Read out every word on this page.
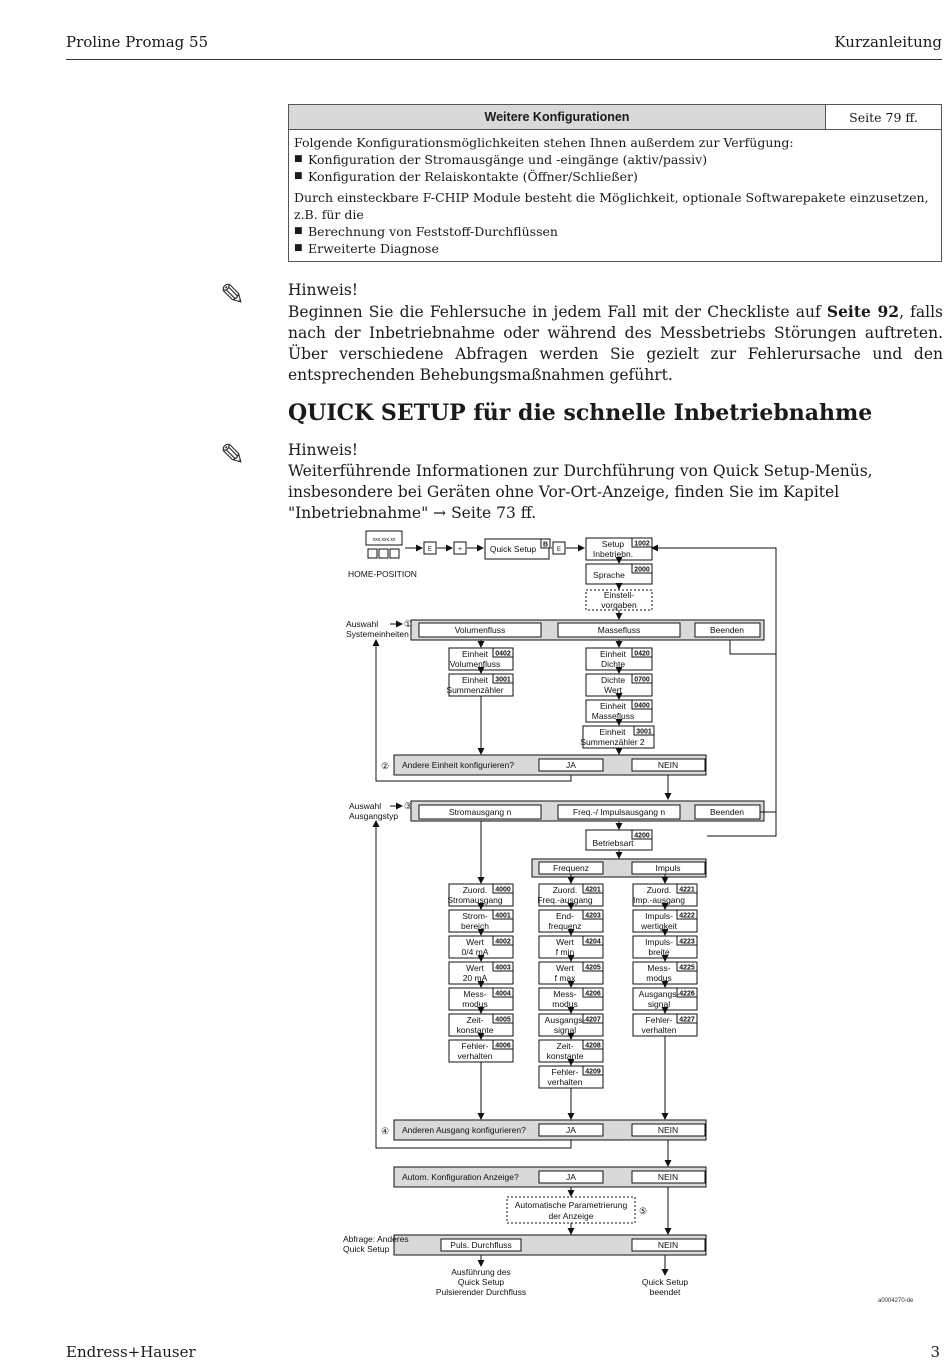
Proline Promag 55	Kurzanleitung
Weitere Konfigurationen	Seite 79 ff.

Folgende Konfigurationsmöglichkeiten stehen Ihnen außerdem zur Verfügung:
■ Konfiguration der Stromausgänge und -eingänge (aktiv/passiv)
■ Konfiguration der Relaiskontakte (Öffner/Schließer)
Durch einsteckbare F-CHIP Module besteht die Möglichkeit, optionale Softwarepakete einzusetzen, z.B. für die
■ Berechnung von Feststoff-Durchflüssen
■ Erweiterte Diagnose
✎	Hinweis!
Beginnen Sie die Fehlersuche in jedem Fall mit der Checkliste auf Seite 92, falls nach der Inbetriebnahme oder während des Messbetriebs Störungen auftreten. Über verschiedene Abfragen werden Sie gezielt zur Fehlerursache und den entsprechenden Behebungsmaßnahmen geführt.
QUICK SETUP für die schnelle Inbetriebnahme
✎	Hinweis!
Weiterführende Informationen zur Durchführung von Quick Setup-Menüs, insbesondere bei Geräten ohne Vor-Ort-Anzeige, finden Sie im Kapitel "Inbetriebnahme" → Seite 73 ff.
xxx.xxx.xx
HOME-POSITION
E	+	Quick Setup B
E
Setup
Inbetriebn.
1002
Sprache 2000
Einstell-
vorgaben
Auswahl
Systemeinheiten
①
Volumenfluss	Massefluss	Beenden
Einheit
Volumenfluss
0402
Einheit
Summenzähler
3001
Einheit
Dichte
0420
Dichte
Wert
0700
Einheit
Massefluss
0400
Einheit
Summenzähler 2
3001
② Andere Einheit konfigurieren?	JA	NEIN
Auswahl
Ausgangstyp
③
Stromausgang n	Freq.-/ Impulsausgang n	Beenden
Betriebsart
4200
Frequenz	Impuls
Zuord.
Stromausgang
4000
Strom-
bereich
4001
Wert
0/4 mA
4002
Wert
20 mA
4003
Mess-
modus
4004
Zeit-
konstante
4005
Fehler-
verhalten
4006
Zuord.
Freq.-ausgang
4201
End-
frequenz
4203
Wert
f min
4204
Wert
f max
4205
Mess-
modus
4206
Ausgangs-
signal
4207
Zeit-
konstante
4208
Fehler-
verhalten
4209
Zuord.
Imp.-ausgang
4221
Impuls-
wertigkeit
4222
Impuls-
breite
4223
Mess-
modus
4225
Ausgangs-
signal
4226
Fehler-
verhalten
4227
④ Anderen Ausgang konfigurieren?	JA	NEIN
Autom. Konfiguration Anzeige?	JA	NEIN
Automatische Parametrierung
der Anzeige	⑤
Abfrage: Anderes
Quick Setup	Puls. Durchfluss	NEIN
Ausführung des
Quick Setup
Pulsierender Durchfluss
Quick Setup
beendet
a0004270-de
Endress+Hauser	3
